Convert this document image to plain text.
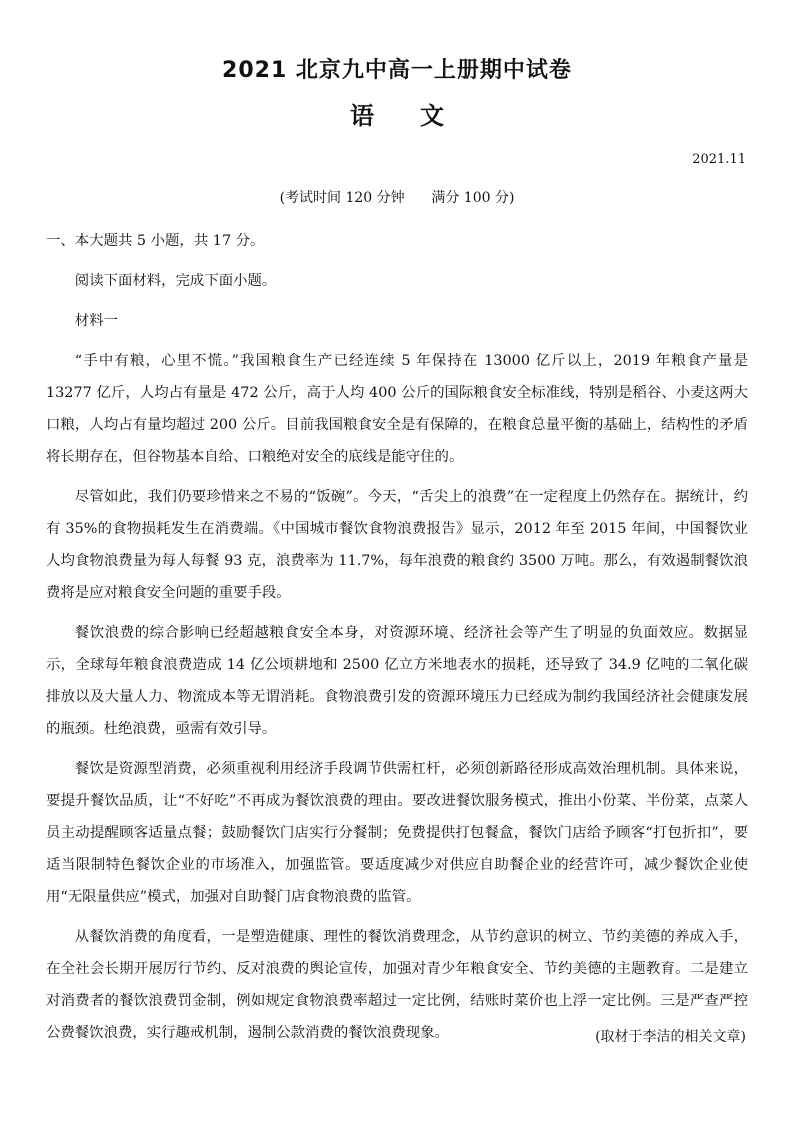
2021 北京九中高一上册期中试卷
语文
2021.11
(考试时间 120 分钟      满分 100 分)

一、本大题共 5 小题，共 17 分。

阅读下面材料，完成下面小题。

材料一

“手中有粮，心里不慌。”我国粮食生产已经连续 5 年保持在 13000 亿斤以上，2019 年粮食产量是 13277 亿斤，人均占有量是 472 公斤，高于人均 400 公斤的国际粮食安全标准线，特别是稻谷、小麦这两大口粮，人均占有量均超过 200 公斤。目前我国粮食安全是有保障的，在粮食总量平衡的基础上，结构性的矛盾将长期存在，但谷物基本自给、口粮绝对安全的底线是能守住的。

尽管如此，我们仍要珍惜来之不易的“饭碗”。今天，“舌尖上的浪费”在一定程度上仍然存在。据统计，约有 35%的食物损耗发生在消费端。《中国城市餐饮食物浪费报告》显示，2012 年至 2015 年间，中国餐饮业人均食物浪费量为每人每餐 93 克，浪费率为 11.7%，每年浪费的粮食约 3500 万吨。那么，有效遏制餐饮浪费将是应对粮食安全问题的重要手段。

餐饮浪费的综合影响已经超越粮食安全本身，对资源环境、经济社会等产生了明显的负面效应。数据显示，全球每年粮食浪费造成 14 亿公顷耕地和 2500 亿立方米地表水的损耗，还导致了 34.9 亿吨的二氧化碳排放以及大量人力、物流成本等无谓消耗。食物浪费引发的资源环境压力已经成为制约我国经济社会健康发展的瓶颈。杜绝浪费，亟需有效引导。

餐饮是资源型消费，必须重视利用经济手段调节供需杠杆，必须创新路径形成高效治理机制。具体来说，要提升餐饮品质，让“不好吃”不再成为餐饮浪费的理由。要改进餐饮服务模式，推出小份菜、半份菜，点菜人员主动提醒顾客适量点餐；鼓励餐饮门店实行分餐制；免费提供打包餐盒，餐饮门店给予顾客“打包折扣”，要适当限制特色餐饮企业的市场准入，加强监管。要适度减少对供应自助餐企业的经营许可，减少餐饮企业使用“无限量供应”模式，加强对自助餐门店食物浪费的监管。

从餐饮消费的角度看，一是塑造健康、理性的餐饮消费理念，从节约意识的树立、节约美德的养成入手，在全社会长期开展厉行节约、反对浪费的舆论宣传，加强对青少年粮食安全、节约美德的主题教育。二是建立对消费者的餐饮浪费罚金制，例如规定食物浪费率超过一定比例，结账时菜价也上浮一定比例。三是严查严控公费餐饮浪费，实行趣戒机制，遏制公款消费的餐饮浪费现象。	(取材于李洁的相关文章)
